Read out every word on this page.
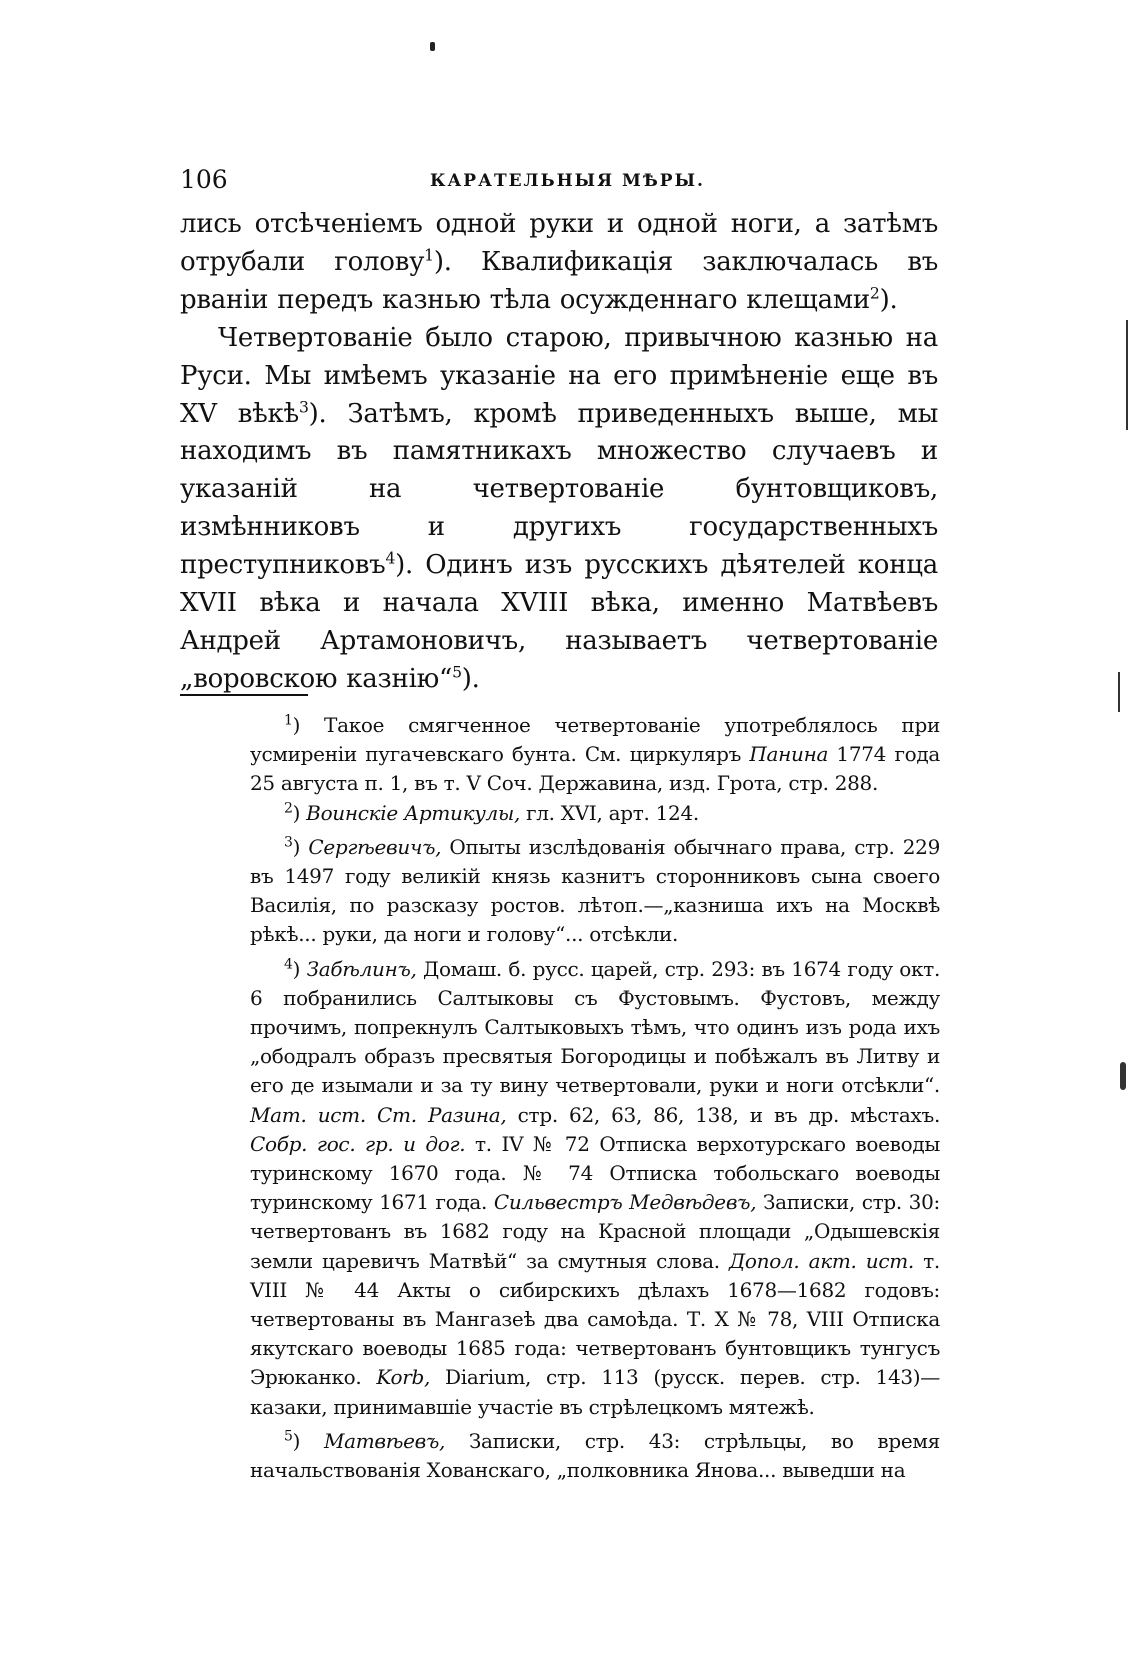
106	КАРАТЕЛЬНЫЯ МѢРЫ.

лись отсѣченіемъ одной руки и одной ноги, а затѣмъ отрубали голову$^1$). Квалификація заключалась въ рваніи передъ казнью тѣла осужденнаго клещами$^2$).

Четвертованіе было старою, привычною казнью на Руси. Мы имѣемъ указаніе на его примѣненіе еще въ XV вѣкѣ$^3$). Затѣмъ, кромѣ приведенныхъ выше, мы находимъ въ памятникахъ множество случаевъ и указаній на четвертованіе бунтовщиковъ, измѣнниковъ и другихъ государственныхъ преступниковъ$^4$). Одинъ изъ русскихъ дѣятелей конца XVII вѣка и начала XVIII вѣка, именно Матвѣевъ Андрей Артамоновичъ, называетъ четвертованіе „воровскою казнію“$^5$).

$^1$) Такое смягченное четвертованіе употреблялось при усмиреніи пугачевскаго бунта. См. циркуляръ Панина 1774 года 25 августа п. 1, въ т. V Соч. Державина, изд. Грота, стр. 288.

$^2$) Воинскіе Артикулы, гл. XVI, арт. 124.

$^3$) Сергѣевичъ, Опыты изслѣдованія обычнаго права, стр. 229 въ 1497 году великій князь казнитъ сторонниковъ сына своего Василія, по разсказу ростов. лѣтоп.—„казниша ихъ на Москвѣ рѣкѣ... руки, да ноги и голову“... отсѣкли.

$^4$) Забѣлинъ, Домаш. б. русс. царей, стр. 293: въ 1674 году окт. 6 побранились Салтыковы съ Фустовымъ. Фустовъ, между прочимъ, попрекнулъ Салтыковыхъ тѣмъ, что одинъ изъ рода ихъ „ободралъ образъ пресвятыя Богородицы и побѣжалъ въ Литву и его де изымали и за ту вину четвертовали, руки и ноги отсѣкли“. Мат. ист. Ст. Разина, стр. 62, 63, 86, 138, и въ др. мѣстахъ. Собр. гос. гр. и дог. т. IV № 72 Отписка верхотурскаго воеводы туринскому 1670 года. № 74 Отписка тобольскаго воеводы туринскому 1671 года. Сильвестръ Медвѣдевъ, Записки, стр. 30: четвертованъ въ 1682 году на Красной площади „Одышевскія земли царевичъ Матвѣй“ за смутныя слова. Допол. акт. ист. т. VIII № 44 Акты о сибирскихъ дѣлахъ 1678—1682 годовъ: четвертованы въ Мангазеѣ два самоѣда. Т. X № 78, VIII Отписка якутскаго воеводы 1685 года: четвертованъ бунтовщикъ тунгусъ Эрюканко. Korb, Diarium, стр. 113 (русск. перев. стр. 143)—казаки, принимавшіе участіе въ стрѣлецкомъ мятежѣ.

$^5$) Матвѣевъ, Записки, стр. 43: стрѣльцы, во время начальствованія Хованскаго, „полковника Янова... выведши на
